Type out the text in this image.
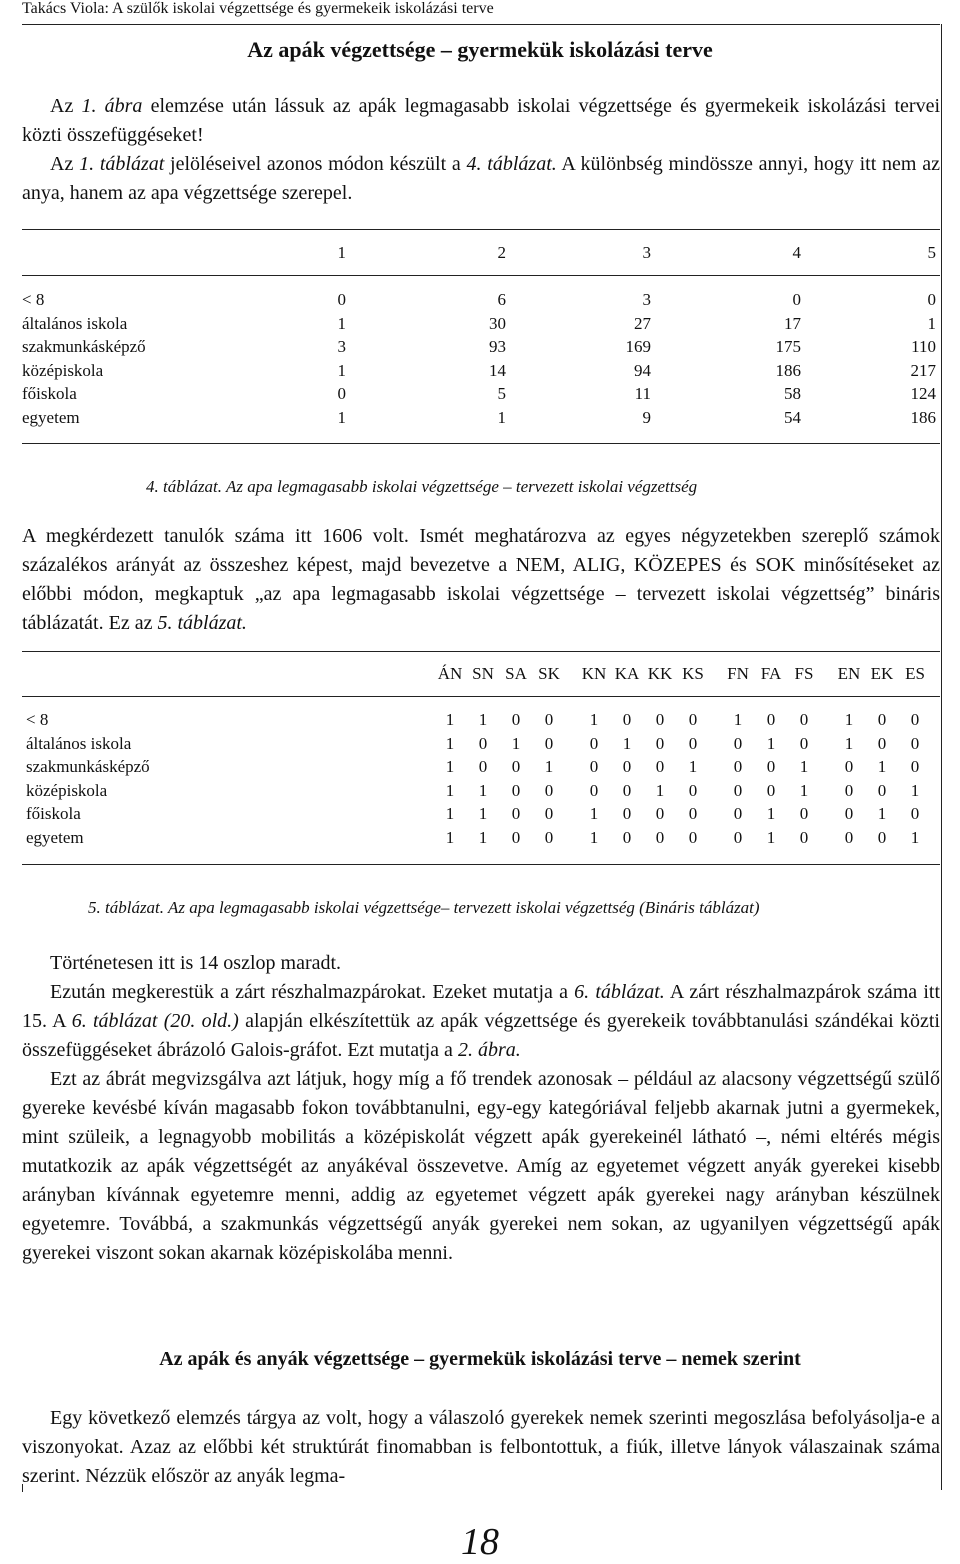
Takács Viola: A szülők iskolai végzettsége és gyermekeik iskolázási terve
Az apák végzettsége – gyermekük iskolázási terve

Az 1. ábra elemzése után lássuk az apák legmagasabb iskolai végzettsége és gyermekeik iskolázási tervei közti összefüggéseket!

Az 1. táblázat jelöléseivel azonos módon készült a 4. táblázat. A különbség mindössze annyi, hogy itt nem az anya, hanem az apa végzettsége szerepel.

1	2	3	4	5
< 8	0	6	3	0	0
általános iskola	1	30	27	17	1
szakmunkásképző	3	93	169	175	110
középiskola	1	14	94	186	217
főiskola	0	5	11	58	124
egyetem	1	1	9	54	186
4. táblázat. Az apa legmagasabb iskolai végzettsége – tervezett iskolai végzettség

A megkérdezett tanulók száma itt 1606 volt. Ismét meghatározva az egyes négyzetekben szereplő számok százalékos arányát az összeshez képest, majd bevezetve a NEM, ALIG, KÖZEPES és SOK minősítéseket az előbbi módon, megkaptuk „az apa legmagasabb iskolai végzettsége – tervezett iskolai végzettség” bináris táblázatát. Ez az 5. táblázat.

ÁN SN SA SK	KN KA KK KS	FN FA FS	EN EK ES
< 8	1	1	0	0	1	0	0	0	1	0	0	1	0	0
általános iskola	1	0	1	0	0	1	0	0	0	1	0	1	0	0
szakmunkásképző	1	0	0	1	0	0	0	1	0	0	1	0	1	0
középiskola	1	1	0	0	0	0	1	0	0	0	1	0	0	1
főiskola	1	1	0	0	1	0	0	0	0	1	0	0	1	0
egyetem	1	1	0	0	1	0	0	0	0	1	0	0	0	1
5. táblázat. Az apa legmagasabb iskolai végzettsége– tervezett iskolai végzettség (Bináris táblázat)

Történetesen itt is 14 oszlop maradt.

Ezután megkerestük a zárt részhalmazpárokat. Ezeket mutatja a 6. táblázat. A zárt részhalmazpárok száma itt 15. A 6. táblázat (20. old.) alapján elkészítettük az apák végzettsége és gyerekeik továbbtanulási szándékai közti összefüggéseket ábrázoló Galois-gráfot. Ezt mutatja a 2. ábra.

Ezt az ábrát megvizsgálva azt látjuk, hogy míg a fő trendek azonosak – például az alacsony végzettségű szülő gyereke kevésbé kíván magasabb fokon továbbtanulni, egy-egy kategóriával feljebb akarnak jutni a gyermekek, mint szüleik, a legnagyobb mobilitás a középiskolát végzett apák gyerekeinél látható –, némi eltérés mégis mutatkozik az apák végzettségét az anyákéval összevetve. Amíg az egyetemet végzett anyák gyerekei kisebb arányban kívánnak egyetemre menni, addig az egyetemet végzett apák gyerekei nagy arányban készülnek egyetemre. Továbbá, a szakmunkás végzettségű anyák gyerekei nem sokan, az ugyanilyen végzettségű apák gyerekei viszont sokan akarnak középiskolába menni.

Az apák és anyák végzettsége – gyermekük iskolázási terve – nemek szerint

Egy következő elemzés tárgya az volt, hogy a válaszoló gyerekek nemek szerinti megoszlása befolyásolja-e a viszonyokat. Azaz az előbbi két struktúrát finomabban is felbontottuk, a fiúk, illetve lányok válaszainak száma szerint. Nézzük először az anyák legma-

18
